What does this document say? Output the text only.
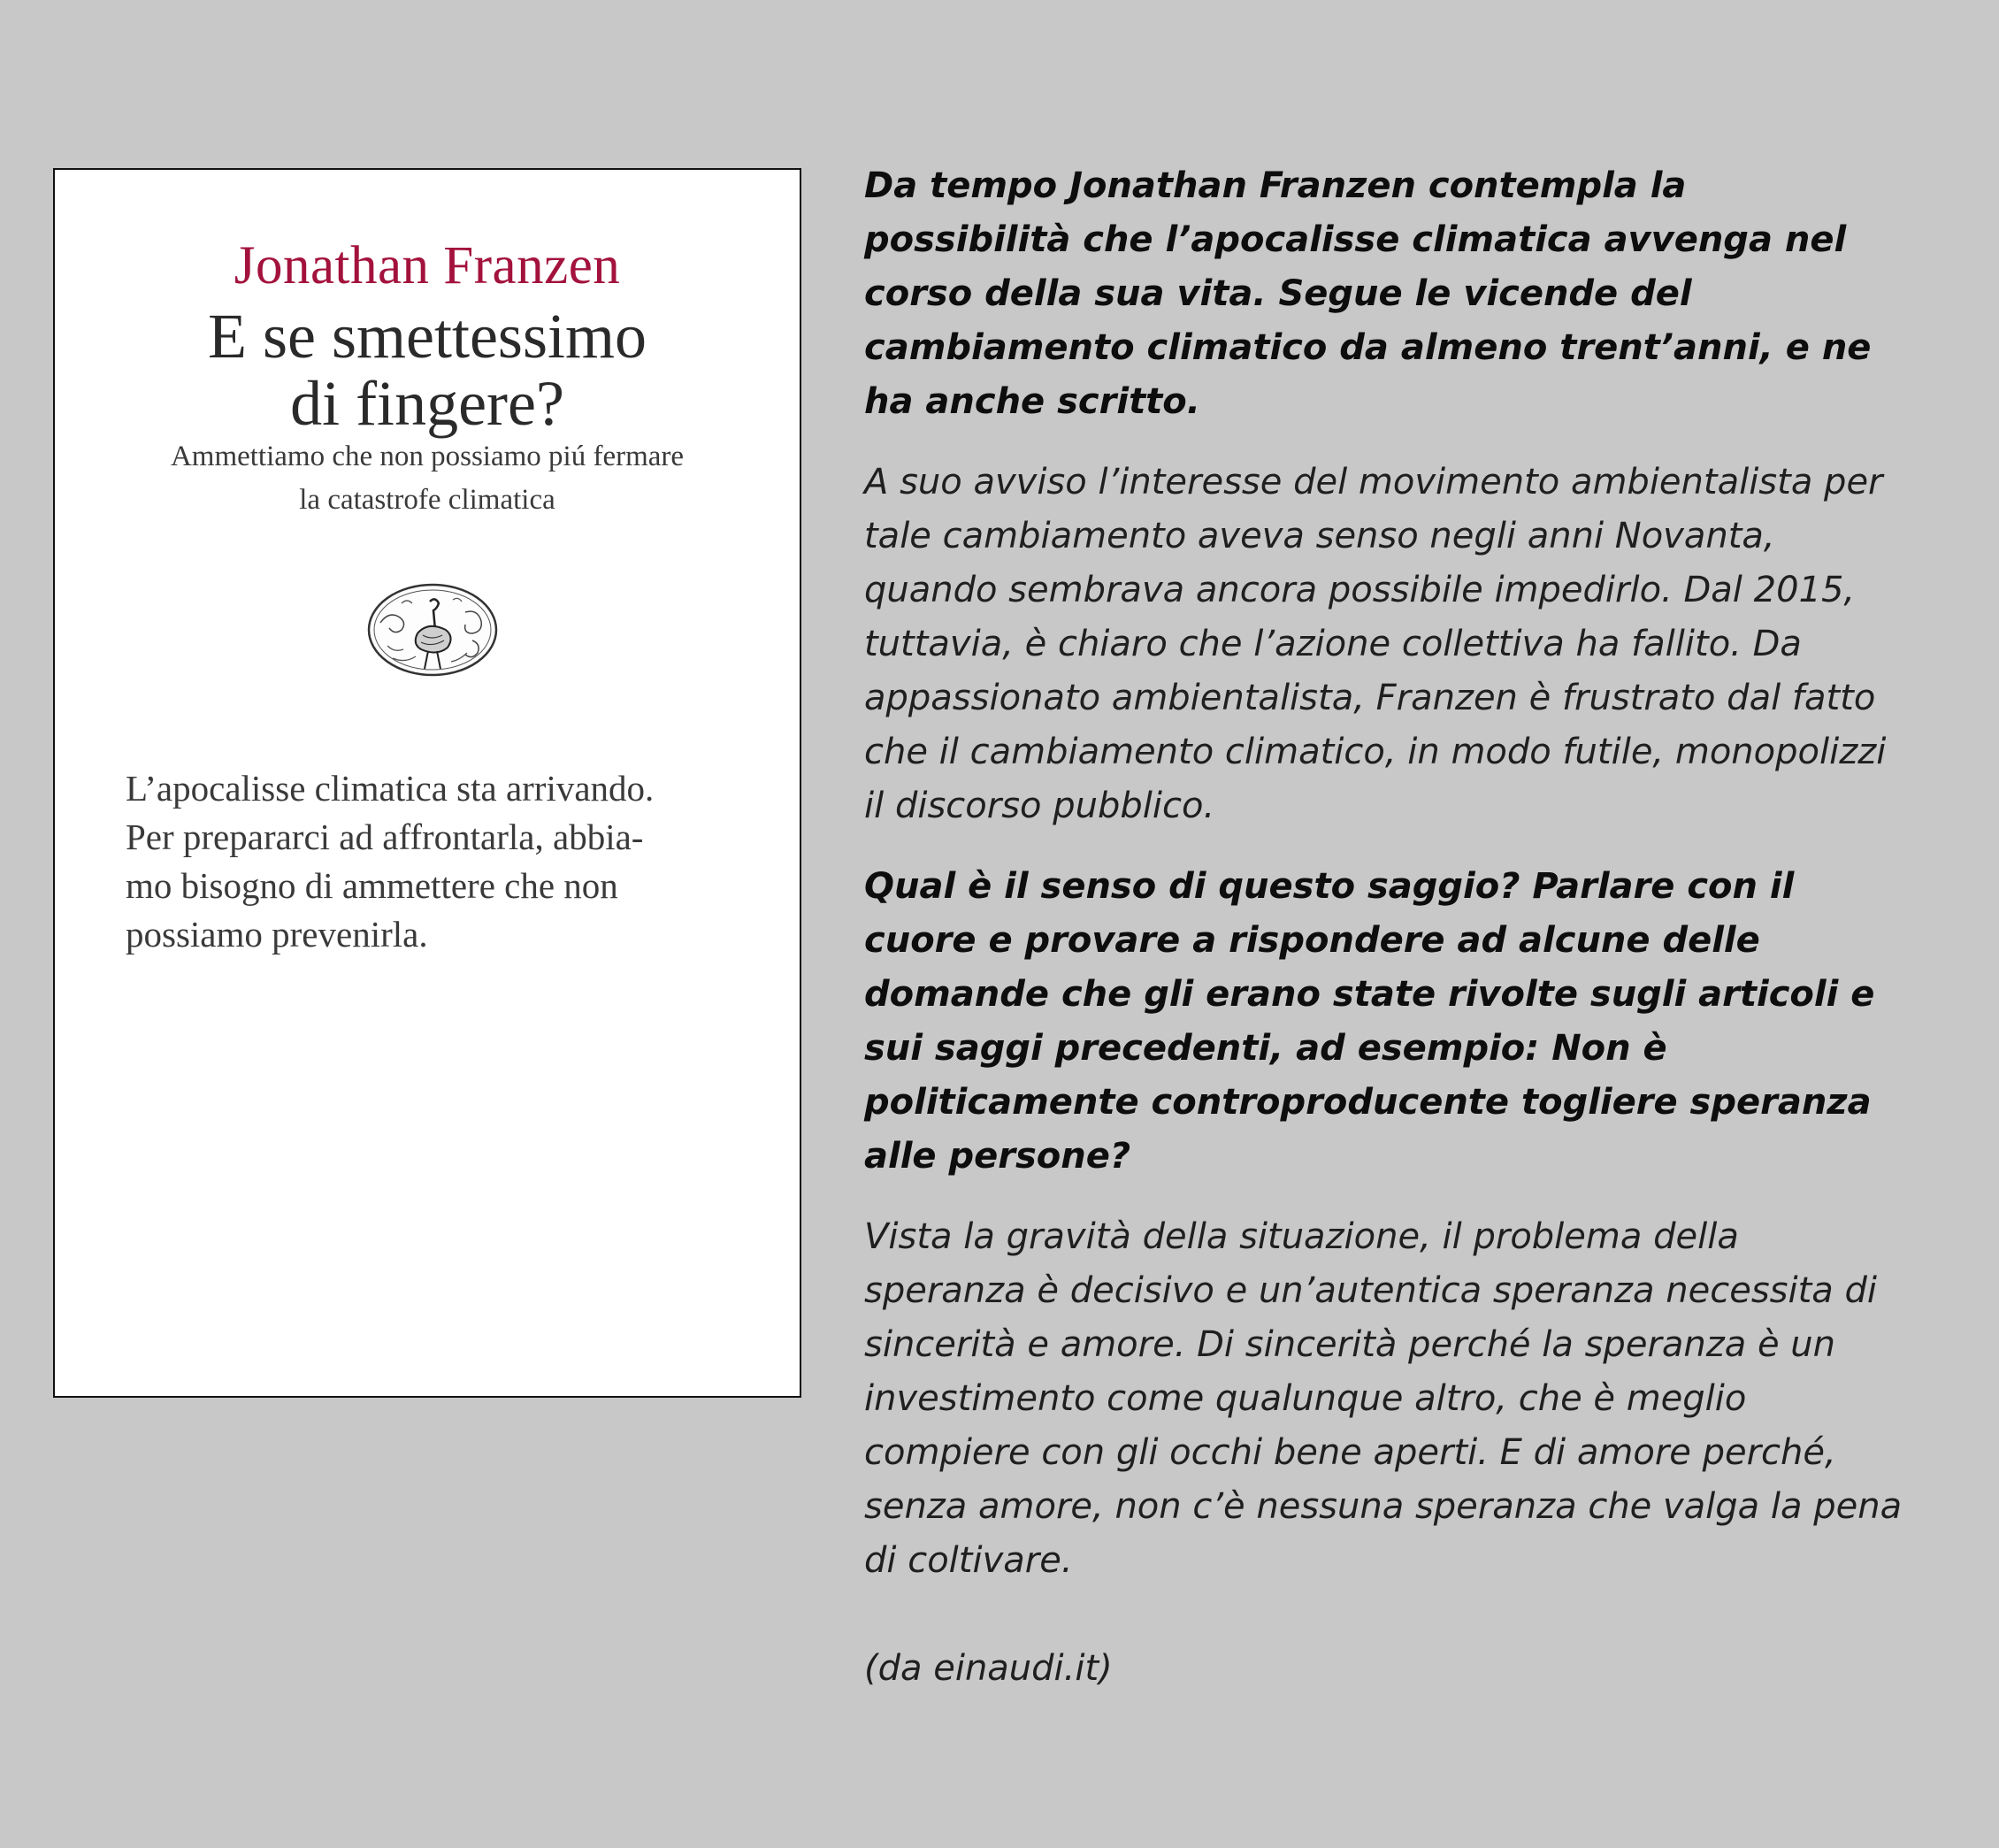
Jonathan Franzen
E se smettessimo
di fingere?
Ammettiamo che non possiamo piú fermare
la catastrofe climatica
L’apocalisse climatica sta arrivando.
Per prepararci ad affrontarla, abbia-
mo bisogno di ammettere che non
possiamo prevenirla.

Da tempo Jonathan Franzen contempla la
possibilità che l’apocalisse climatica avvenga nel
corso della sua vita. Segue le vicende del
cambiamento climatico da almeno trent’anni, e ne
ha anche scritto.

A suo avviso l’interesse del movimento ambientalista per
tale cambiamento aveva senso negli anni Novanta,
quando sembrava ancora possibile impedirlo. Dal 2015,
tuttavia, è chiaro che l’azione collettiva ha fallito. Da
appassionato ambientalista, Franzen è frustrato dal fatto
che il cambiamento climatico, in modo futile, monopolizzi
il discorso pubblico.

Qual è il senso di questo saggio? Parlare con il
cuore e provare a rispondere ad alcune delle
domande che gli erano state rivolte sugli articoli e
sui saggi precedenti, ad esempio: Non è
politicamente controproducente togliere speranza
alle persone?

Vista la gravità della situazione, il problema della
speranza è decisivo e un’autentica speranza necessita di
sincerità e amore. Di sincerità perché la speranza è un
investimento come qualunque altro, che è meglio
compiere con gli occhi bene aperti. E di amore perché,
senza amore, non c’è nessuna speranza che valga la pena
di coltivare.

(da einaudi.it)
